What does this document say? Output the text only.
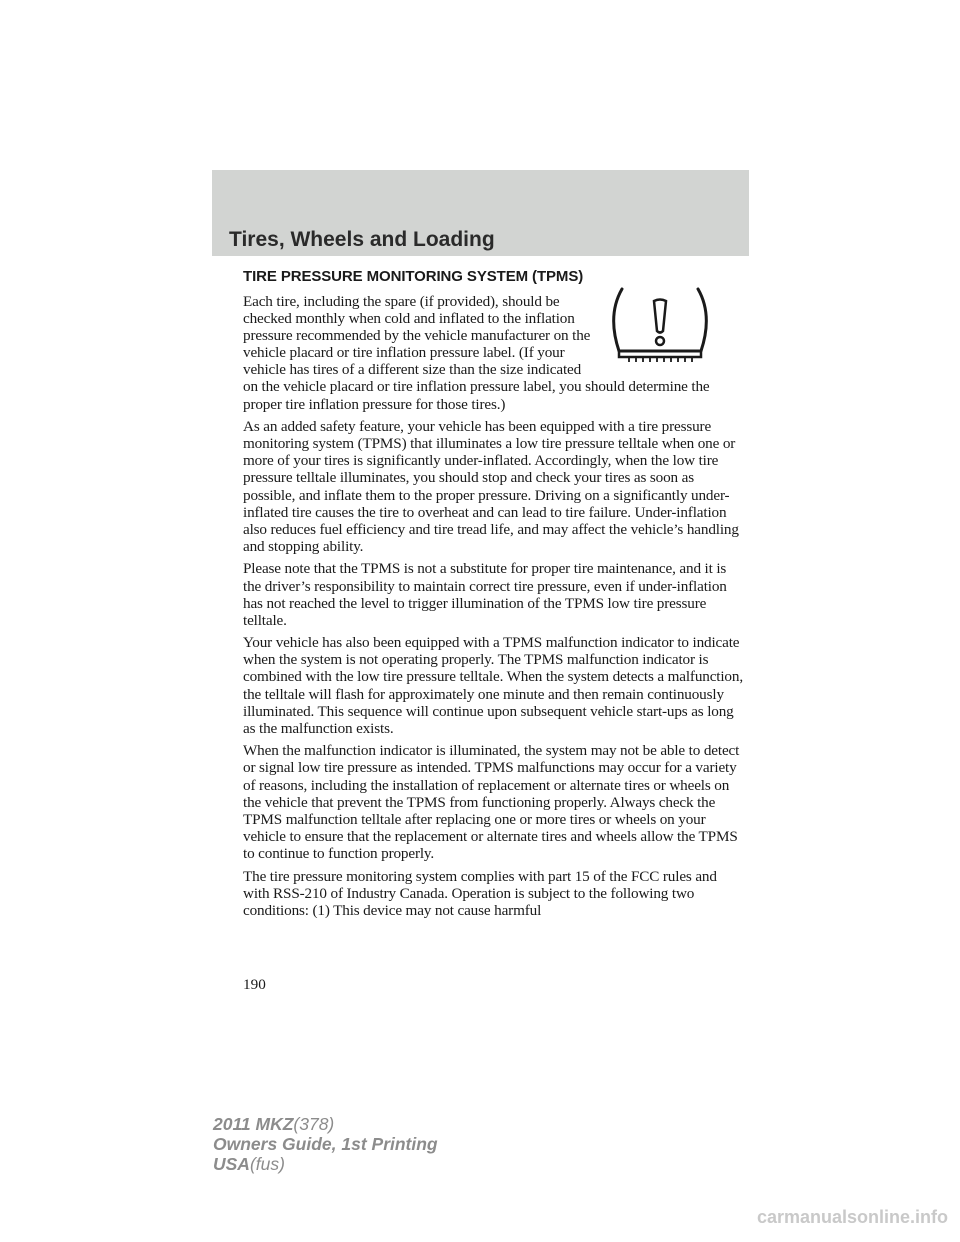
Tires, Wheels and Loading
TIRE PRESSURE MONITORING SYSTEM (TPMS)

Each tire, including the spare (if provided), should be checked monthly when cold and inflated to the inflation pressure recommended by the vehicle manufacturer on the vehicle placard or tire inflation pressure label. (If your vehicle has tires of a different size than the size indicated on the vehicle placard or tire inflation pressure label, you should determine the proper tire inflation pressure for those tires.)

As an added safety feature, your vehicle has been equipped with a tire pressure monitoring system (TPMS) that illuminates a low tire pressure telltale when one or more of your tires is significantly under-inflated. Accordingly, when the low tire pressure telltale illuminates, you should stop and check your tires as soon as possible, and inflate them to the proper pressure. Driving on a significantly under-inflated tire causes the tire to overheat and can lead to tire failure. Under-inflation also reduces fuel efficiency and tire tread life, and may affect the vehicle’s handling and stopping ability.

Please note that the TPMS is not a substitute for proper tire maintenance, and it is the driver’s responsibility to maintain correct tire pressure, even if under-inflation has not reached the level to trigger illumination of the TPMS low tire pressure telltale.

Your vehicle has also been equipped with a TPMS malfunction indicator to indicate when the system is not operating properly. The TPMS malfunction indicator is combined with the low tire pressure telltale. When the system detects a malfunction, the telltale will flash for approximately one minute and then remain continuously illuminated. This sequence will continue upon subsequent vehicle start-ups as long as the malfunction exists.

When the malfunction indicator is illuminated, the system may not be able to detect or signal low tire pressure as intended. TPMS malfunctions may occur for a variety of reasons, including the installation of replacement or alternate tires or wheels on the vehicle that prevent the TPMS from functioning properly. Always check the TPMS malfunction telltale after replacing one or more tires or wheels on your vehicle to ensure that the replacement or alternate tires and wheels allow the TPMS to continue to function properly.

The tire pressure monitoring system complies with part 15 of the FCC rules and with RSS-210 of Industry Canada. Operation is subject to the following two conditions: (1) This device may not cause harmful

190
2011 MKZ(378)
Owners Guide, 1st Printing
USA(fus)
carmanualsonline.info
